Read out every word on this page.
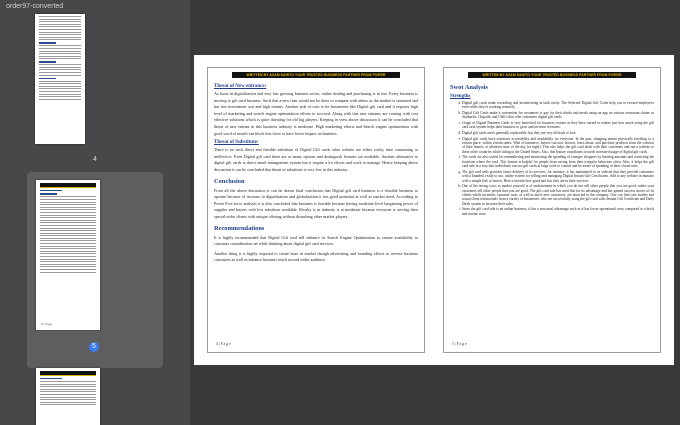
order97-converted
4
5 | Page
5
WRITTEN BY AZAM SAHITO YOUR TRUSTED BUSINESS PARTNER FROM FIVERR
Threat of New entrance:

As boost in digitalization and very fast growing business sector, online dealing and purchasing is in rise. Every business is moving to gift card business. Such that a new firm would not be there to compete with others as the market is saturated and has low investment cost and high returns. Another side of coin is for businesses like Digital gift card and it requires high level of marketing and search engine optimization efforts to succeed. Along with this new entrants are coming with cost effective solutions which is quite threating for old big players. Keeping in view above discussion it can be concluded that threat of new entrant in this business industry is moderate. High marketing efforts and Search engine optimization with good word of mouth can block this force or have lower impact on business.

Threat of Substitute:

There is no such direct and feasible substitute of Digital Gift cards other website are either costly, time consuming or ineffective. Even Digital gift card there are so many options and distinguish features are available. Another alternative to digital gift cards is direct email management system but it require a lot efforts and work to manage. Hence keeping above discussion it can be concluded that threat of substitute is very low in this industry.

Conclusion

From all the above discussion it can be drawn final conclusion that Digital gift card business is a feasible business to operate because of increase in digitalization and globalization it has good potential as well as market need. According to Porter Five force analysis it is also concluded that business is feasible because having moderate level bargaining power of supplier and buyers with low substitute available. Rivalry is in industry is at moderate because everyone is serving their special niche clients with unique offering without disturbing other market players.

Recommendations

It is highly recommended that Digital Gift card sell enhance its Search Engine Optimization to ensure availability to customer consideration set while thinking about digital gift card services.

Another thing it is highly required to create buzz in market though advertising and branding efforts to reverse business customers as well as enhance business reach toward wider audience.

4 | P a g e
WRITTEN BY AZAM SAHITO YOUR TRUSTED BUSINESS PARTNER FROM FIVERR
Swot Analysis
Strengths
a. Digital gift cards make rewarding and incentivizing in bulk easily. The Selected Digital Gift Cards help you to reward employees even while they're working remotely.
b. Digital Gift Cards make it convenient for customers to pay for their drinks and meals using an app on various restaurant chains as Starbucks, Chipotle, and Chili's that offer customers digital gift cards.
c. Usage of Digital Business Cards is very beneficial for business owners as they have started to realize just how much using the gift card cash system helps their business to grow and increase revenues.
d. Digital gift cards aren't generally replaceable, but they are very difficult to lose.
e. Digital gift cards have extensive accessibility and availability for everyone. In the past, shopping meant physically traveling to a certain place, within certain times. With eCommerce, buyers can now browse, learn about, and purchase products from the comfort of their homes, at whatever time of the day (or night). This also helps the gift card deals with their customers and run a website to these other countries while sitting in the United States. Also, this feature contributes towards increased usage of digital gift cards.
f. The cards are also useful for remembering and monitoring the spending of younger shoppers by limiting amounts and restricting the locations where the card. This feature is helpful for people from saving from their irregular behaviors often. Also, it helps the gift card sale in a way that individuals can use gift cards at large scale to control and be aware of spending of their closed ones.
g. The gift card sells provides faster delivery of its services, for instance, it has maintained to its website that they provide customers with a branded, ready to use, online system for selling and managing Digital Instant Gift Certificates. Add to any website in minutes with a simple link or button. Here it intends how good and fast they are in their services.
h. One of the strong ways to market yourself is of endorsement in which you do not sell other people that you are good, rather your customers tell other people that you are good. The gift card sale has used this for its advantage and has gained success stories of its clients which increases customer trust, as well as move new customers, are attracted to the company. One can find case studies and actual client testimonials from a variety of businesses, who are successfully using the gift card sales Instant Gift Certificate and Daily Deals system to increase their sales.
i. Since the gift card sale is an online business, it has a structural advantage such as it has lower operational costs compared to a brick and mortar store.
5 | P a g e
